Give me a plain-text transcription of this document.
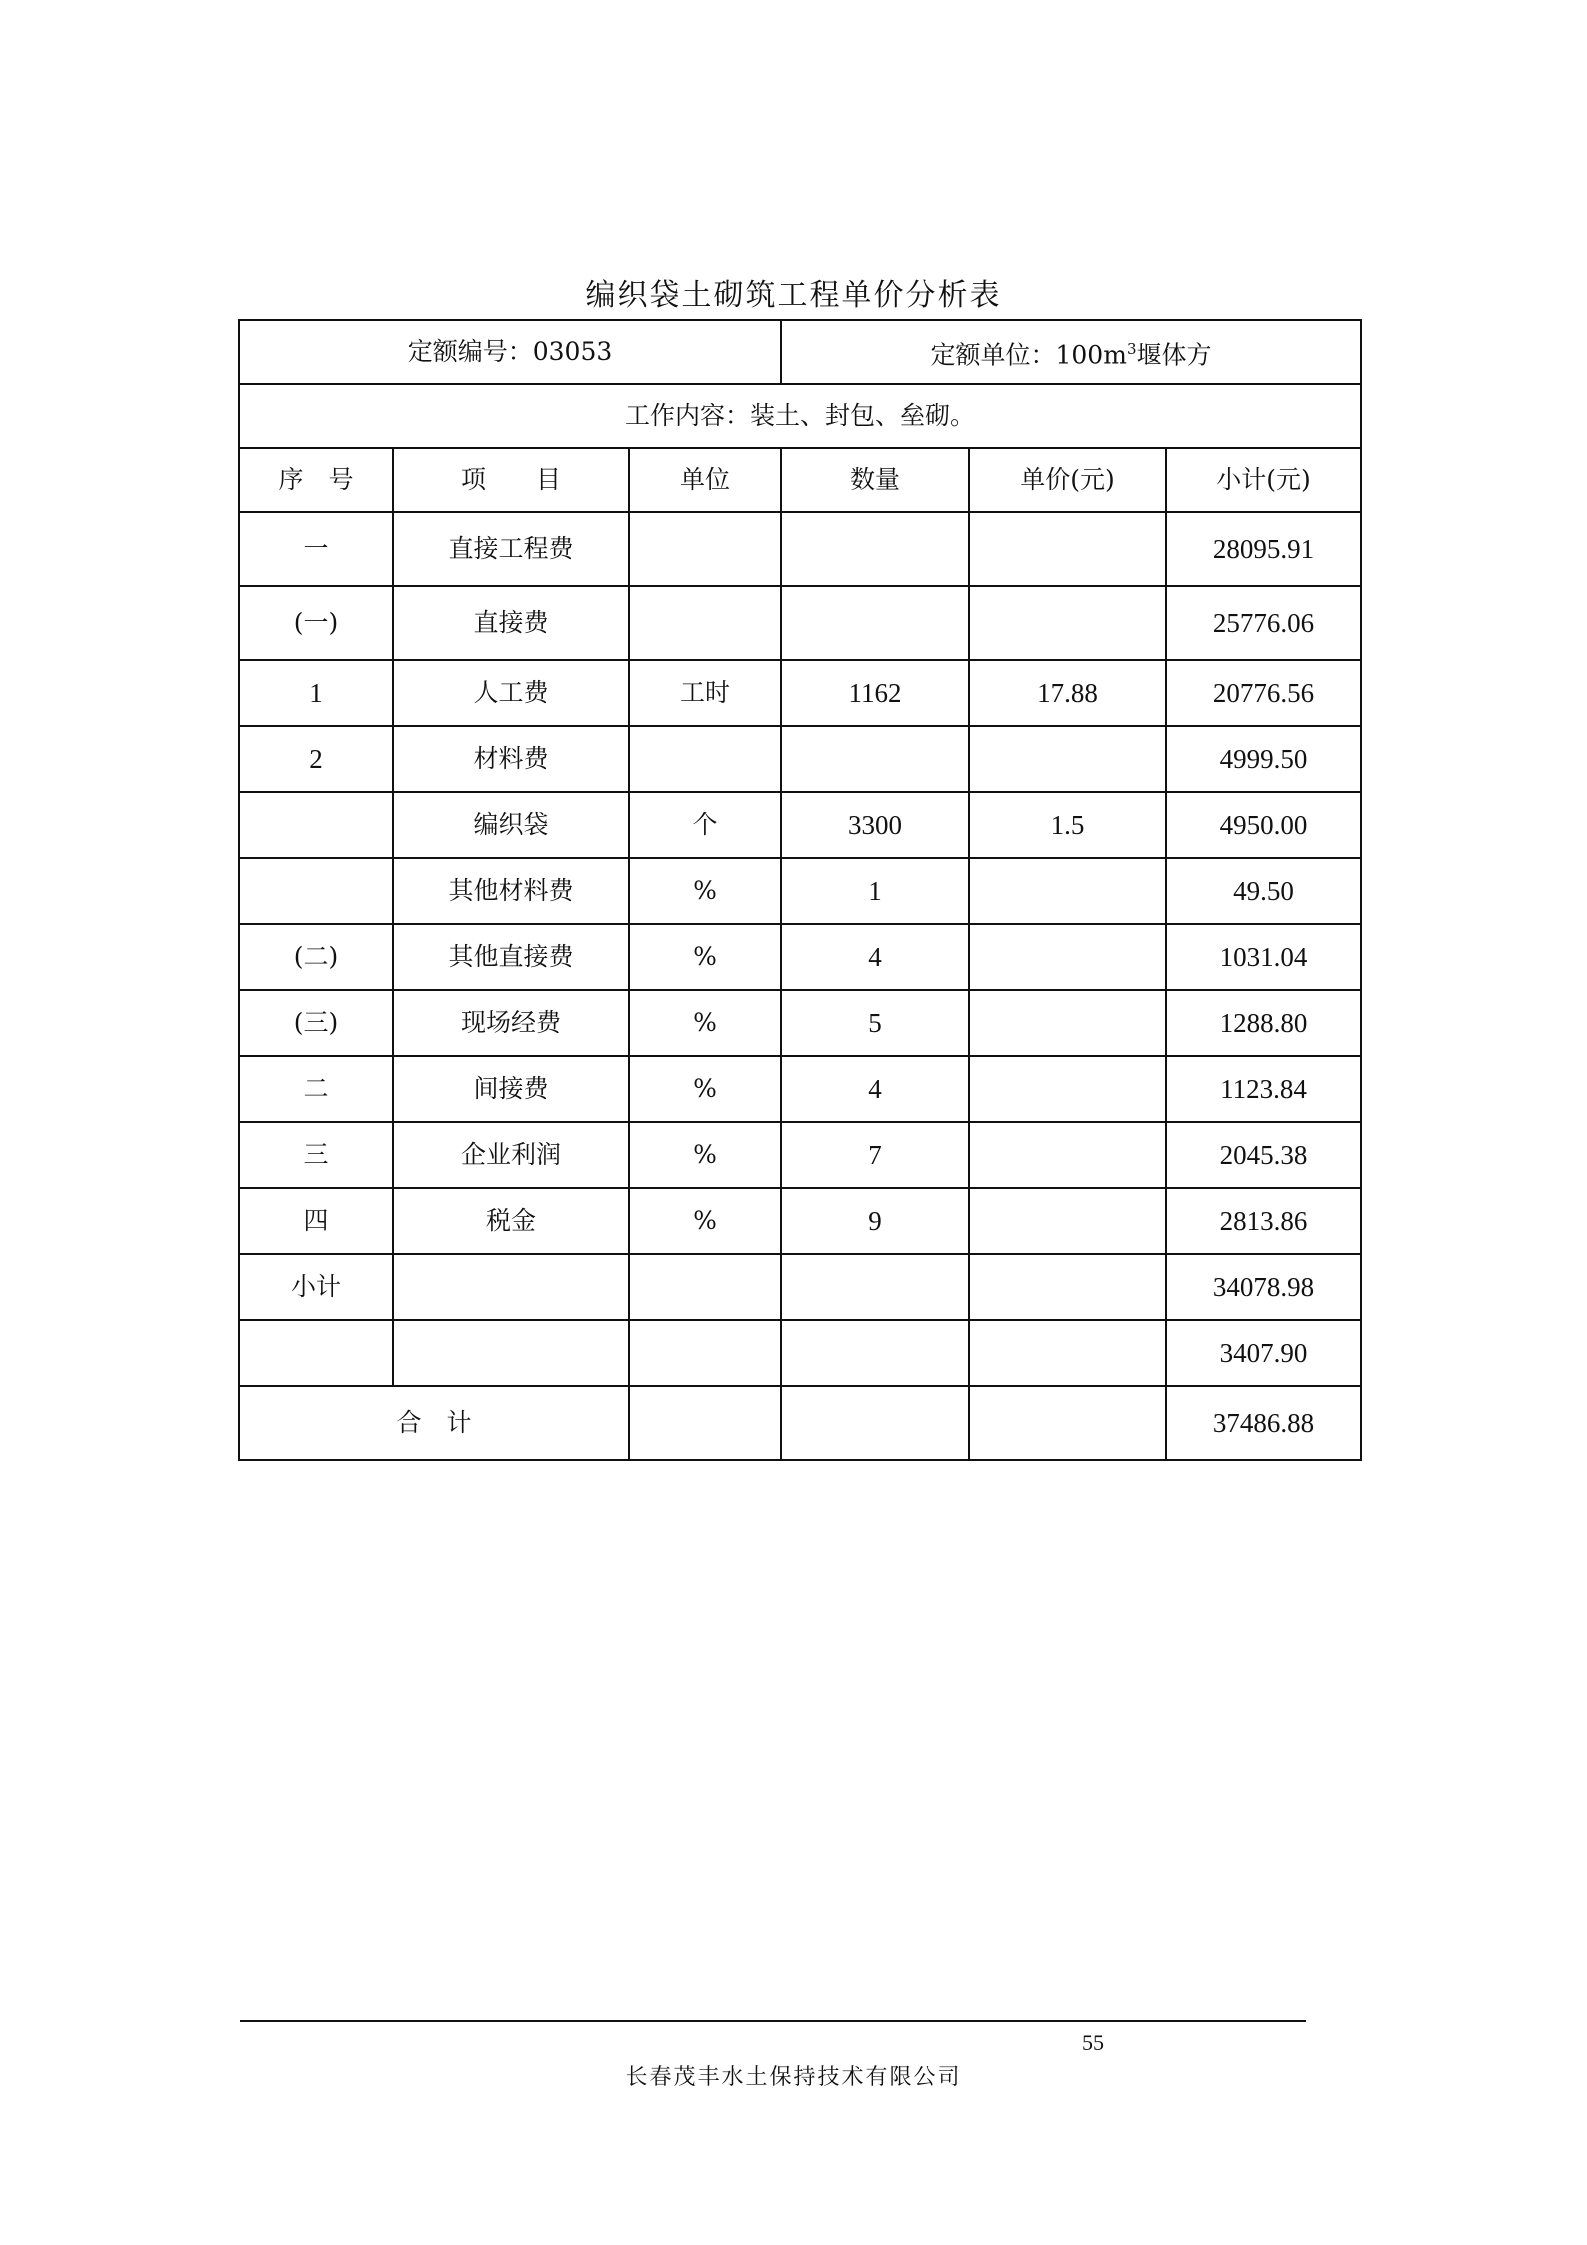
编织袋土砌筑工程单价分析表
定额编号：03053			定额单位：$100m^3$堰体方		
工作内容：装土、封包、垒砌。					
序　号	项　　目	单位	数量	单价(元)	小计(元)
一	直接工程费				28095.91
(一)	直接费				25776.06
1	人工费	工时	1162	17.88	20776.56
2	材料费				4999.50
	编织袋	个	3300	1.5	4950.00
	其他材料费	%	1		49.50
(二)	其他直接费	%	4		1031.04
(三)	现场经费	%	5		1288.80
二	间接费	%	4		1123.84
三	企业利润	%	7		2045.38
四	税金	%	9		2813.86
小计					34078.98
					3407.90
合　计					37486.88
55
长春茂丰水土保持技术有限公司
